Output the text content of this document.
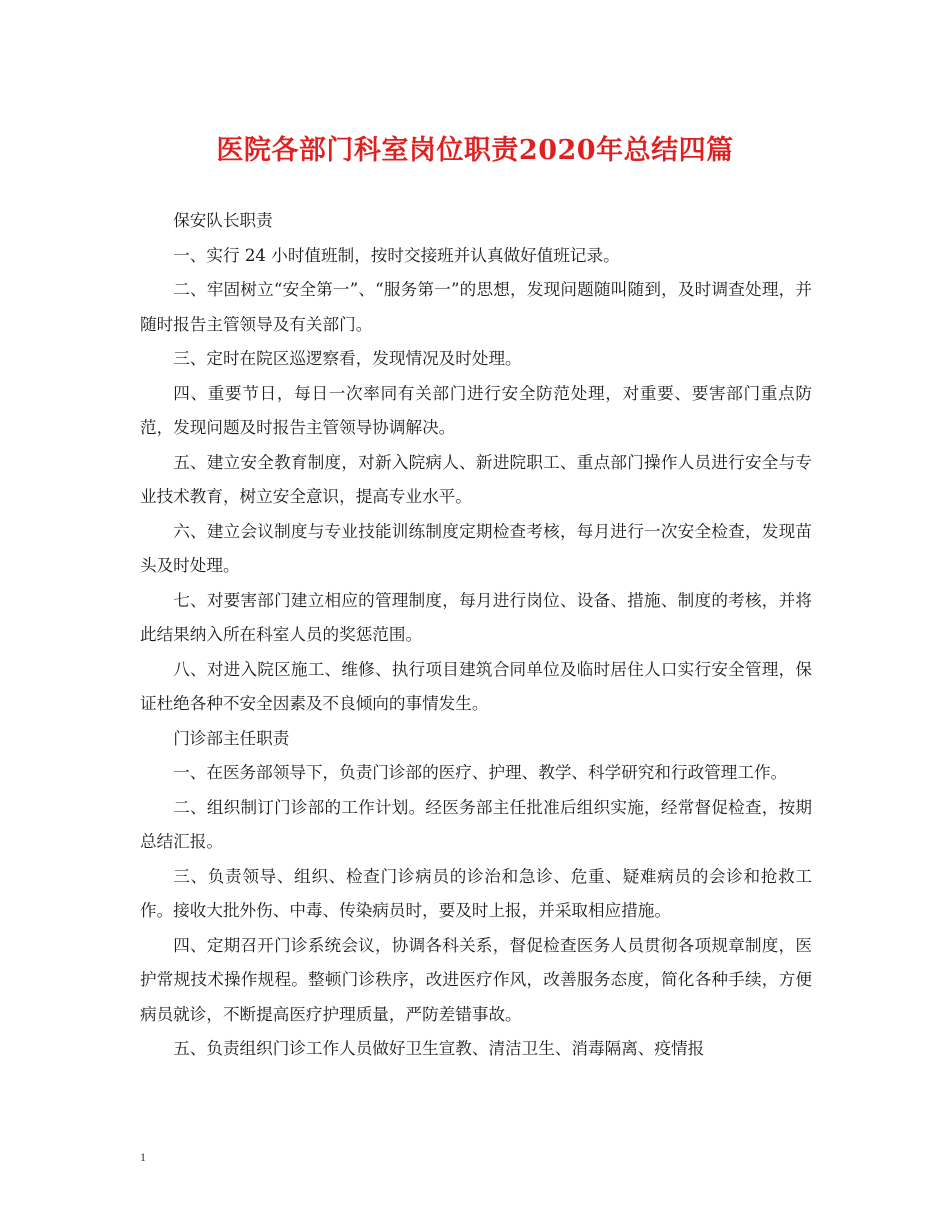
医院各部门科室岗位职责2020年总结四篇

保安队长职责

一、实行 24 小时值班制，按时交接班并认真做好值班记录。

二、牢固树立“安全第一”、“服务第一”的思想，发现问题随叫随到，及时调查处理，并随时报告主管领导及有关部门。

三、定时在院区巡逻察看，发现情况及时处理。

四、重要节日，每日一次率同有关部门进行安全防范处理，对重要、要害部门重点防范，发现问题及时报告主管领导协调解决。

五、建立安全教育制度，对新入院病人、新进院职工、重点部门操作人员进行安全与专业技术教育，树立安全意识，提高专业水平。

六、建立会议制度与专业技能训练制度定期检查考核，每月进行一次安全检查，发现苗头及时处理。

七、对要害部门建立相应的管理制度，每月进行岗位、设备、措施、制度的考核，并将此结果纳入所在科室人员的奖惩范围。

八、对进入院区施工、维修、执行项目建筑合同单位及临时居住人口实行安全管理，保证杜绝各种不安全因素及不良倾向的事情发生。

门诊部主任职责

一、在医务部领导下，负责门诊部的医疗、护理、教学、科学研究和行政管理工作。

二、组织制订门诊部的工作计划。经医务部主任批准后组织实施，经常督促检查，按期总结汇报。

三、负责领导、组织、检查门诊病员的诊治和急诊、危重、疑难病员的会诊和抢救工作。接收大批外伤、中毒、传染病员时，要及时上报，并采取相应措施。

四、定期召开门诊系统会议，协调各科关系，督促检查医务人员贯彻各项规章制度，医护常规技术操作规程。整顿门诊秩序，改进医疗作风，改善服务态度，简化各种手续，方便病员就诊，不断提高医疗护理质量，严防差错事故。

五、负责组织门诊工作人员做好卫生宣教、清洁卫生、消毒隔离、疫情报

1
